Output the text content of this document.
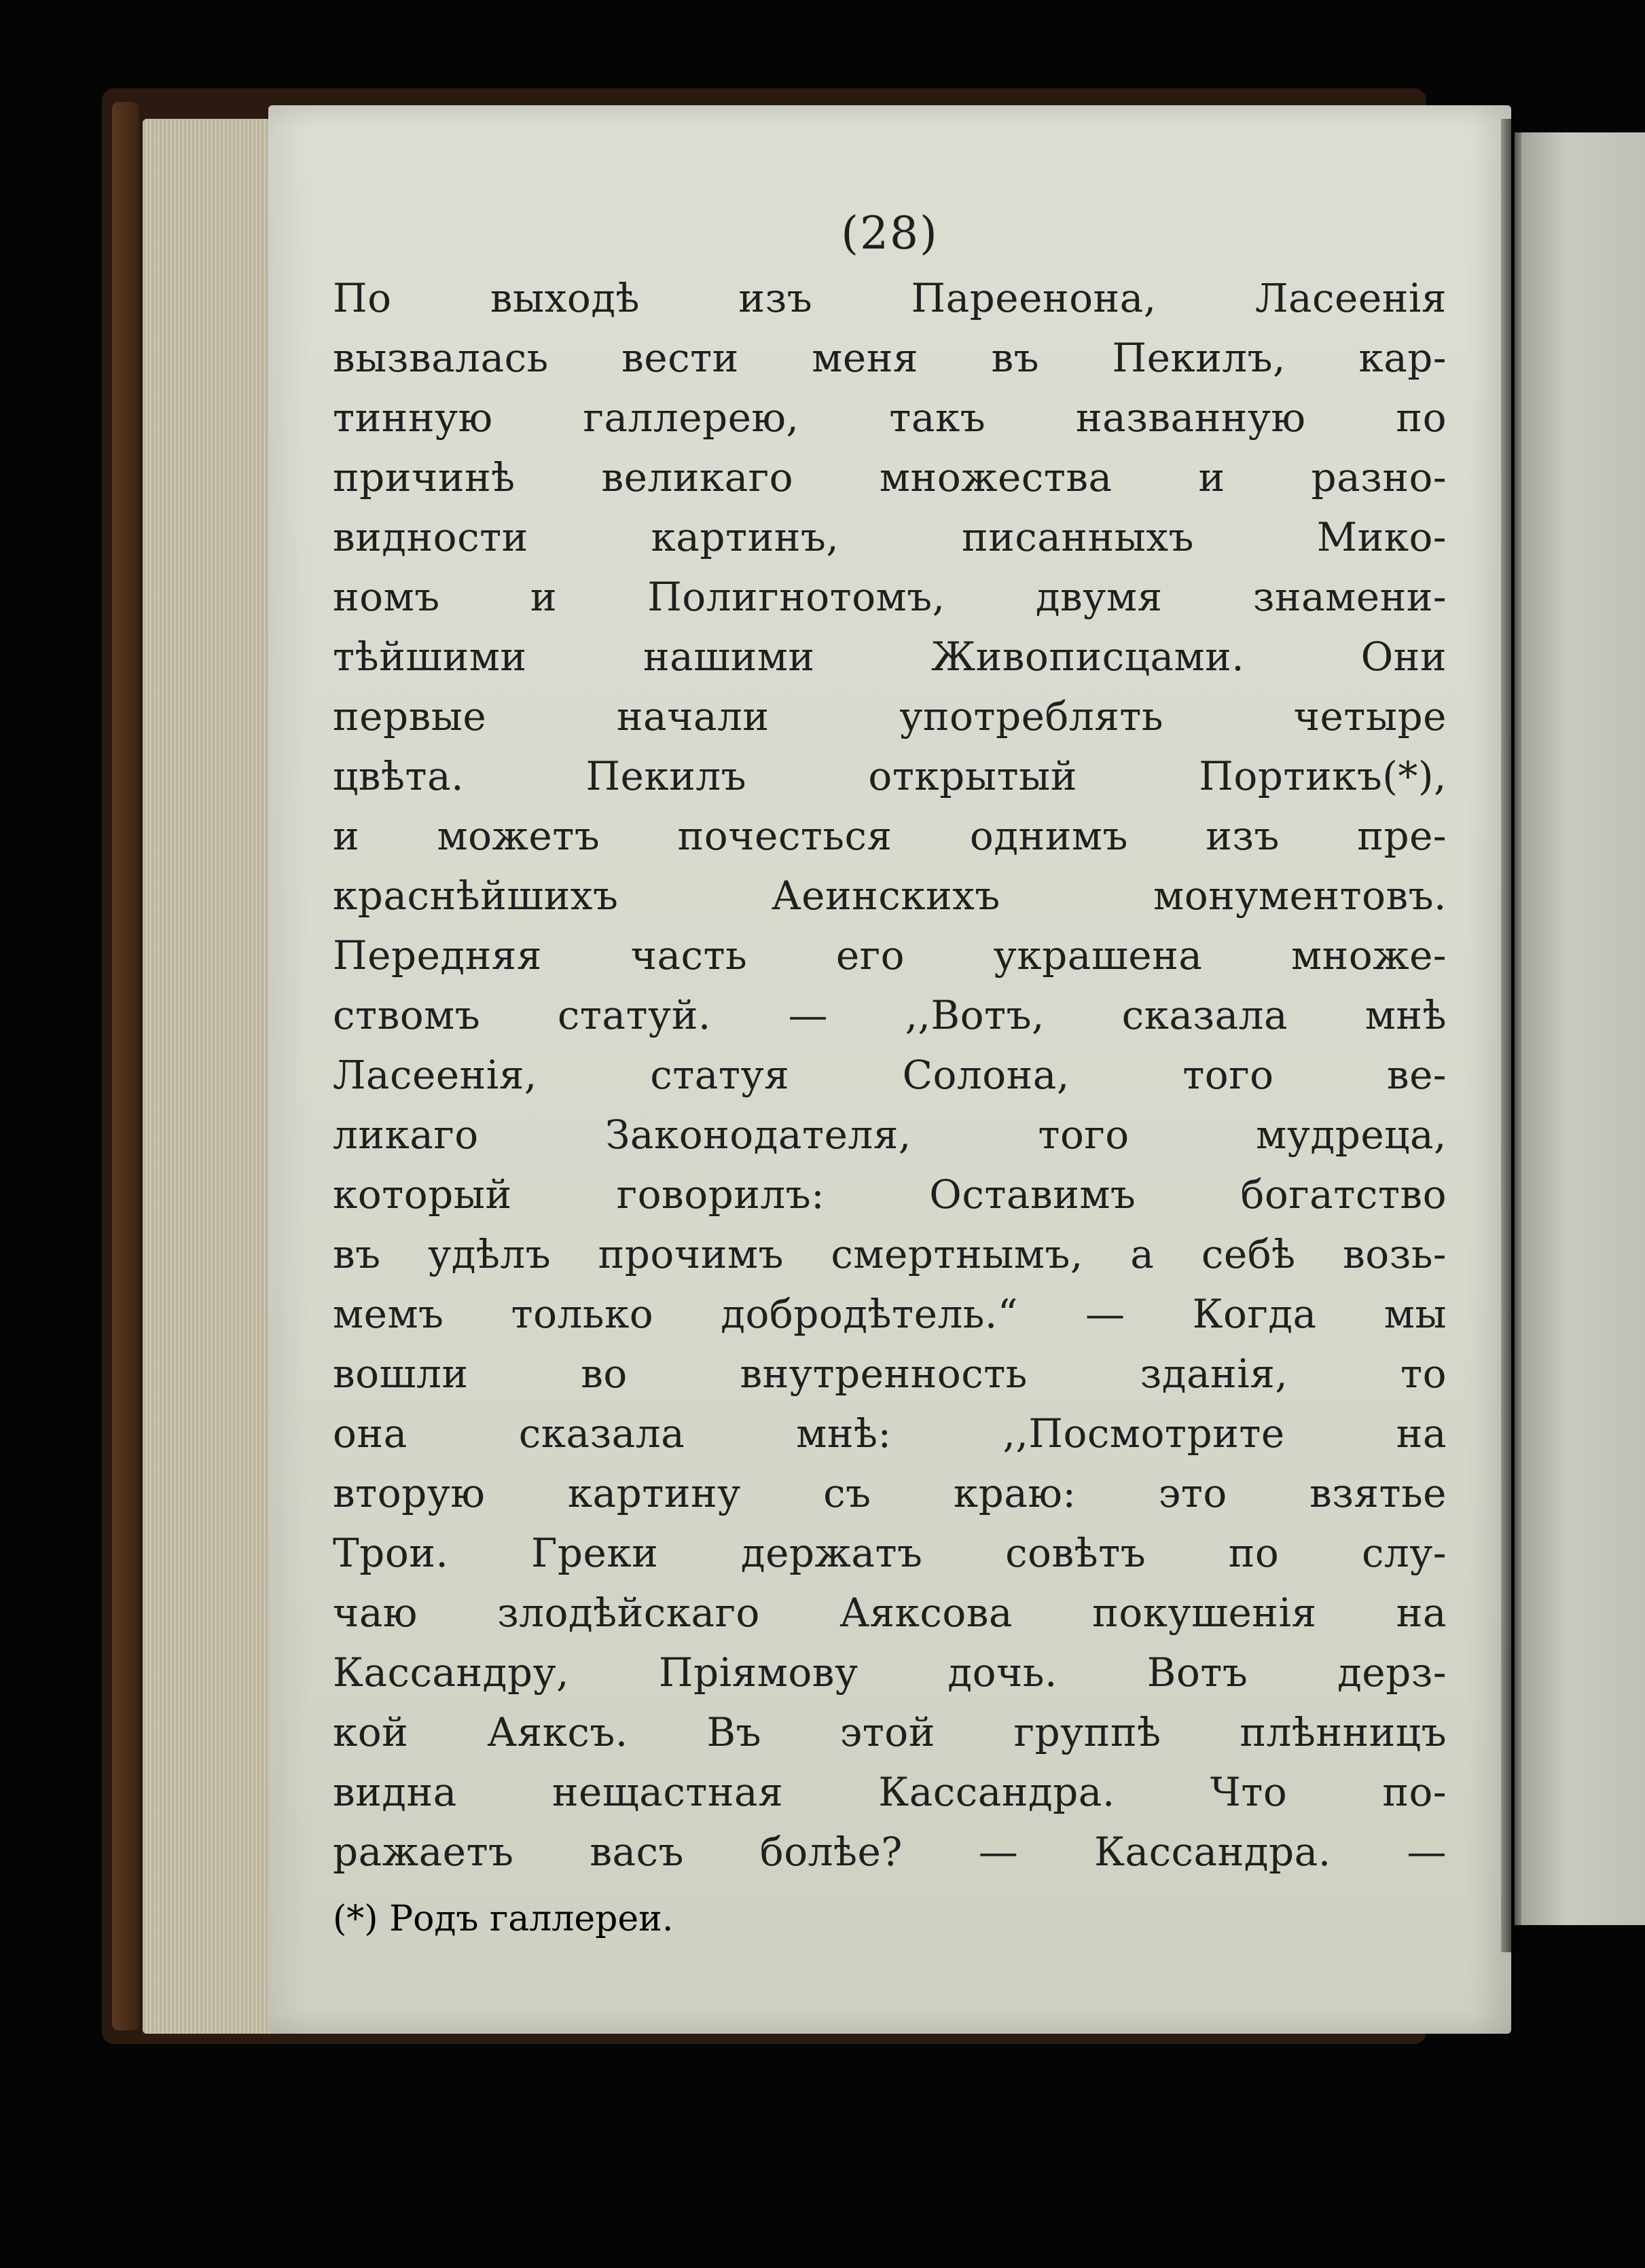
(28)
По выходѣ изъ Пареенона, Ласеенія
вызвалась вести меня въ Пекилъ, кар-
тинную галлерею, такъ названную по
причинѣ великаго множества и разно-
видности картинъ, писанныхъ Мико-
номъ и Полигнотомъ, двумя знамени-
тѣйшими нашими Живописцами. Они
первые начали употреблять четыре
цвѣта. Пекилъ открытый Портикъ(*),
и можетъ почесться однимъ изъ пре-
краснѣйшихъ Аеинскихъ монументовъ.
Передняя часть его украшена множе-
ствомъ статуй. — ,,Вотъ, сказала мнѣ
Ласеенія, статуя Солона, того ве-
ликаго Законодателя, того мудреца,
который говорилъ: Оставимъ богатство
въ удѣлъ прочимъ смертнымъ, а себѣ возь-
мемъ только добродѣтель.“ — Когда мы
вошли во внутренность зданія, то
она сказала мнѣ: ,,Посмотрите на
вторую картину съ краю: это взятье
Трои. Греки держатъ совѣтъ по слу-
чаю злодѣйскаго Аяксова покушенія на
Кассандру, Пріямову дочь. Вотъ дерз-
кой Аяксъ. Въ этой группѣ плѣнницъ
видна нещастная Кассандра. Что по-
ражаетъ васъ болѣе? — Кассандра. —
(*) Родъ галлереи.
